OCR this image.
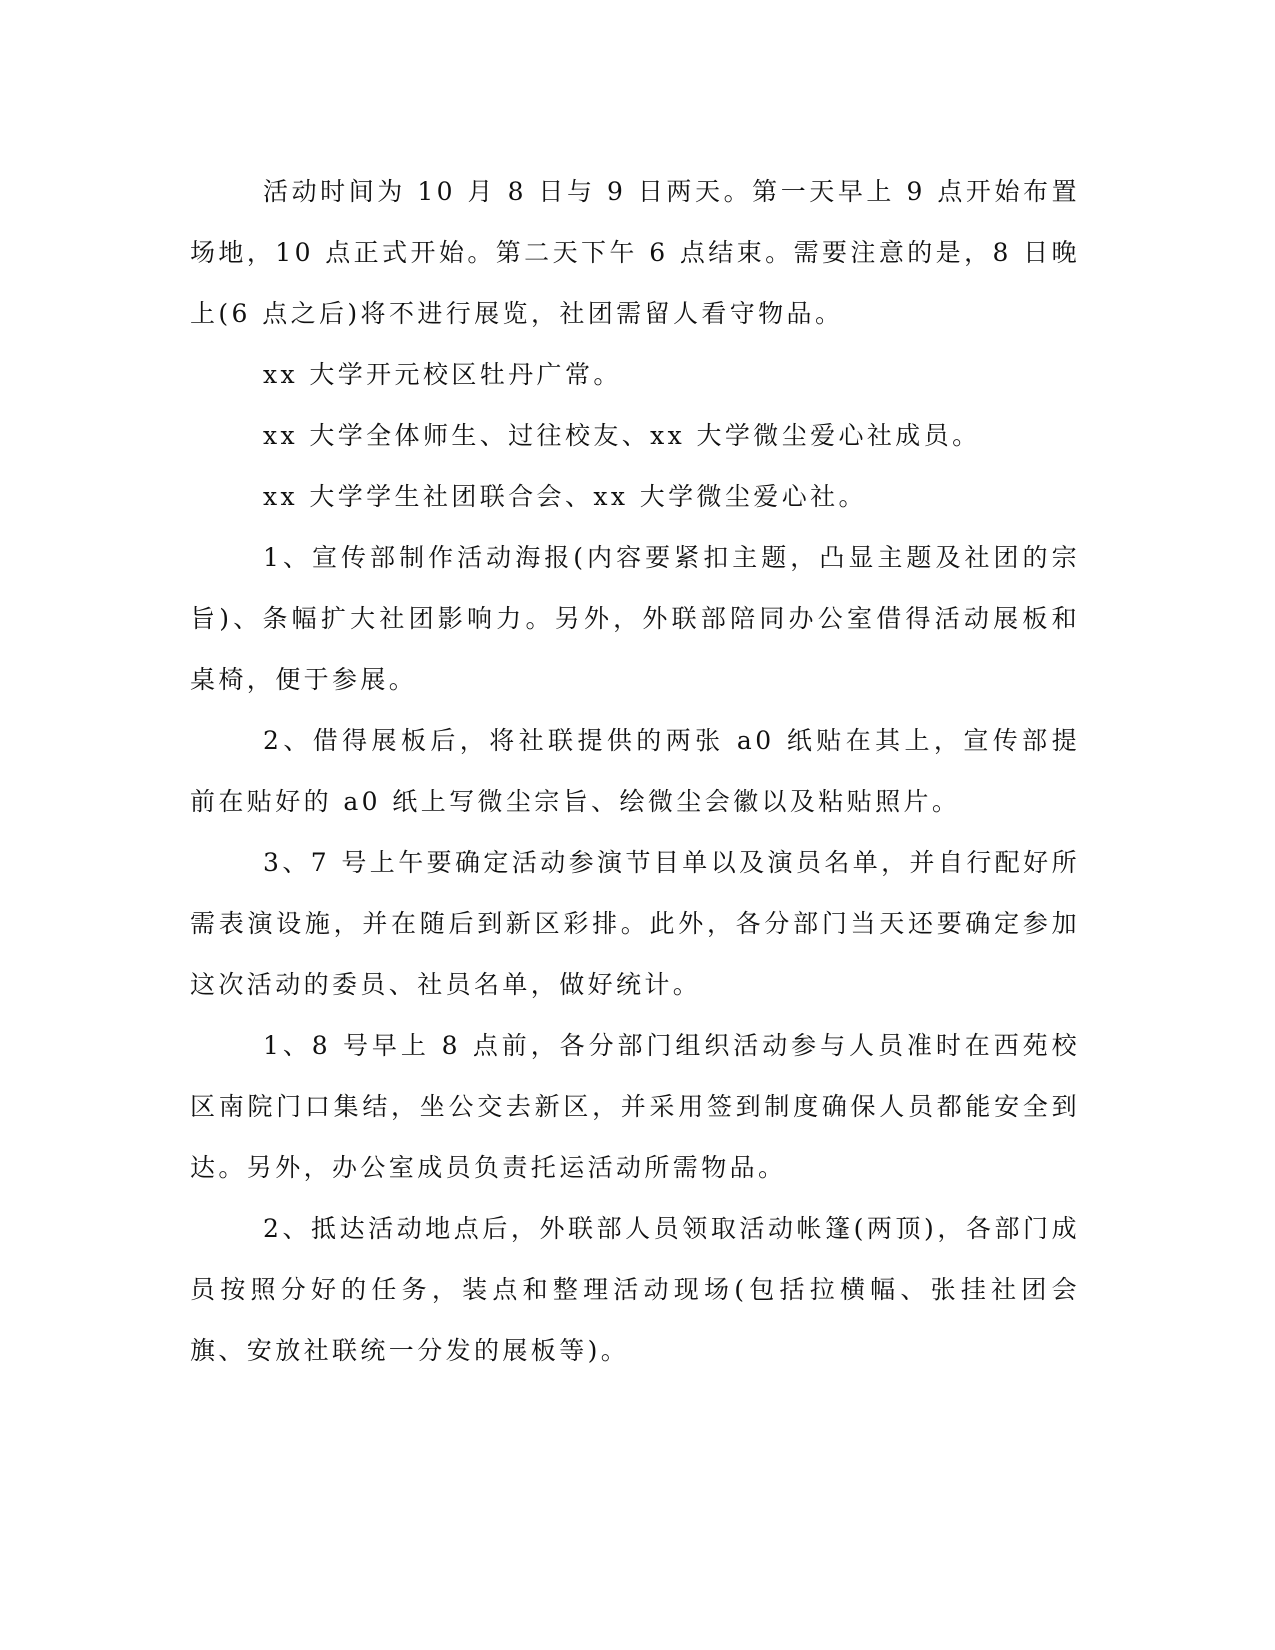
活动时间为 10 月 8 日与 9 日两天。第一天早上 9 点开始布置场地，10 点正式开始。第二天下午 6 点结束。需要注意的是，8 日晚上(6 点之后)将不进行展览，社团需留人看守物品。

xx 大学开元校区牡丹广常。

xx 大学全体师生、过往校友、xx 大学微尘爱心社成员。

xx 大学学生社团联合会、xx 大学微尘爱心社。

1、宣传部制作活动海报(内容要紧扣主题，凸显主题及社团的宗旨)、条幅扩大社团影响力。另外，外联部陪同办公室借得活动展板和桌椅，便于参展。

2、借得展板后，将社联提供的两张 a0 纸贴在其上，宣传部提前在贴好的 a0 纸上写微尘宗旨、绘微尘会徽以及粘贴照片。

3、7 号上午要确定活动参演节目单以及演员名单，并自行配好所需表演设施，并在随后到新区彩排。此外，各分部门当天还要确定参加这次活动的委员、社员名单，做好统计。

1、8 号早上 8 点前，各分部门组织活动参与人员准时在西苑校区南院门口集结，坐公交去新区，并采用签到制度确保人员都能安全到达。另外，办公室成员负责托运活动所需物品。

2、抵达活动地点后，外联部人员领取活动帐篷(两顶)，各部门成员按照分好的任务，装点和整理活动现场(包括拉横幅、张挂社团会旗、安放社联统一分发的展板等)。
